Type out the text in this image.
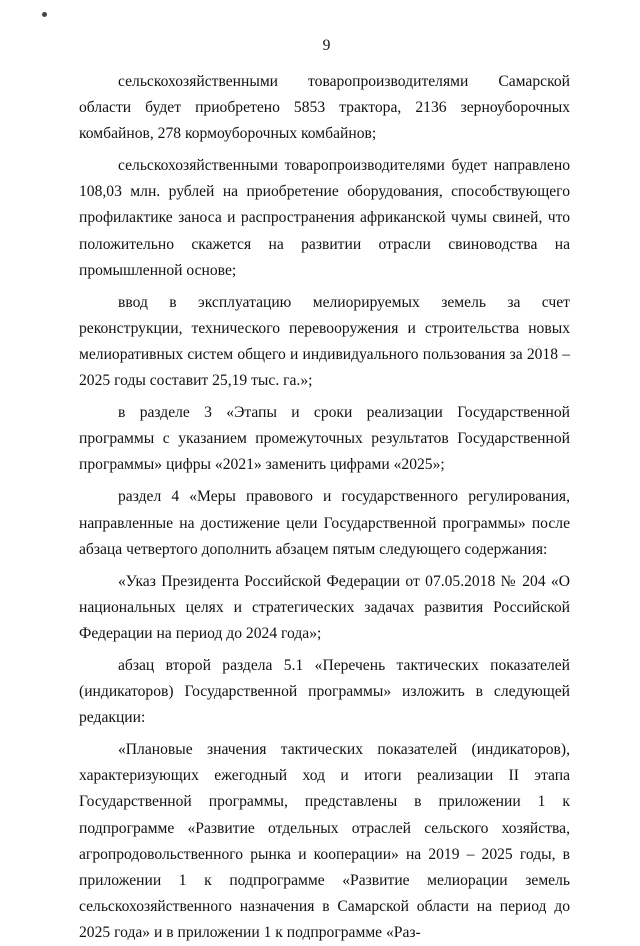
9

сельскохозяйственными товаропроизводителями Самарской области будет приобретено 5853 трактора, 2136 зерноуборочных комбайнов, 278 кормоуборочных комбайнов;

сельскохозяйственными товаропроизводителями будет направлено 108,03 млн. рублей на приобретение оборудования, способствующего профилактике заноса и распространения африканской чумы свиней, что положительно скажется на развитии отрасли свиноводства на промышленной основе;

ввод в эксплуатацию мелиорируемых земель за счет реконструкции, технического перевооружения и строительства новых мелиоративных систем общего и индивидуального пользования за 2018 – 2025 годы составит 25,19 тыс. га.»;

в разделе 3 «Этапы и сроки реализации Государственной программы с указанием промежуточных результатов Государственной программы» цифры «2021» заменить цифрами «2025»;

раздел 4 «Меры правового и государственного регулирования, направленные на достижение цели Государственной программы» после абзаца четвертого дополнить абзацем пятым следующего содержания:

«Указ Президента Российской Федерации от 07.05.2018 № 204 «О национальных целях и стратегических задачах развития Российской Федерации на период до 2024 года»;

абзац второй раздела 5.1 «Перечень тактических показателей (индикаторов) Государственной программы» изложить в следующей редакции:

«Плановые значения тактических показателей (индикаторов), характеризующих ежегодный ход и итоги реализации II этапа Государственной программы, представлены в приложении 1 к подпрограмме «Развитие отдельных отраслей сельского хозяйства, агропродовольственного рынка и кооперации» на 2019 – 2025 годы, в приложении 1 к подпрограмме «Развитие мелиорации земель сельскохозяйственного назначения в Самарской области на период до 2025 года» и в приложении 1 к подпрограмме «Раз-
